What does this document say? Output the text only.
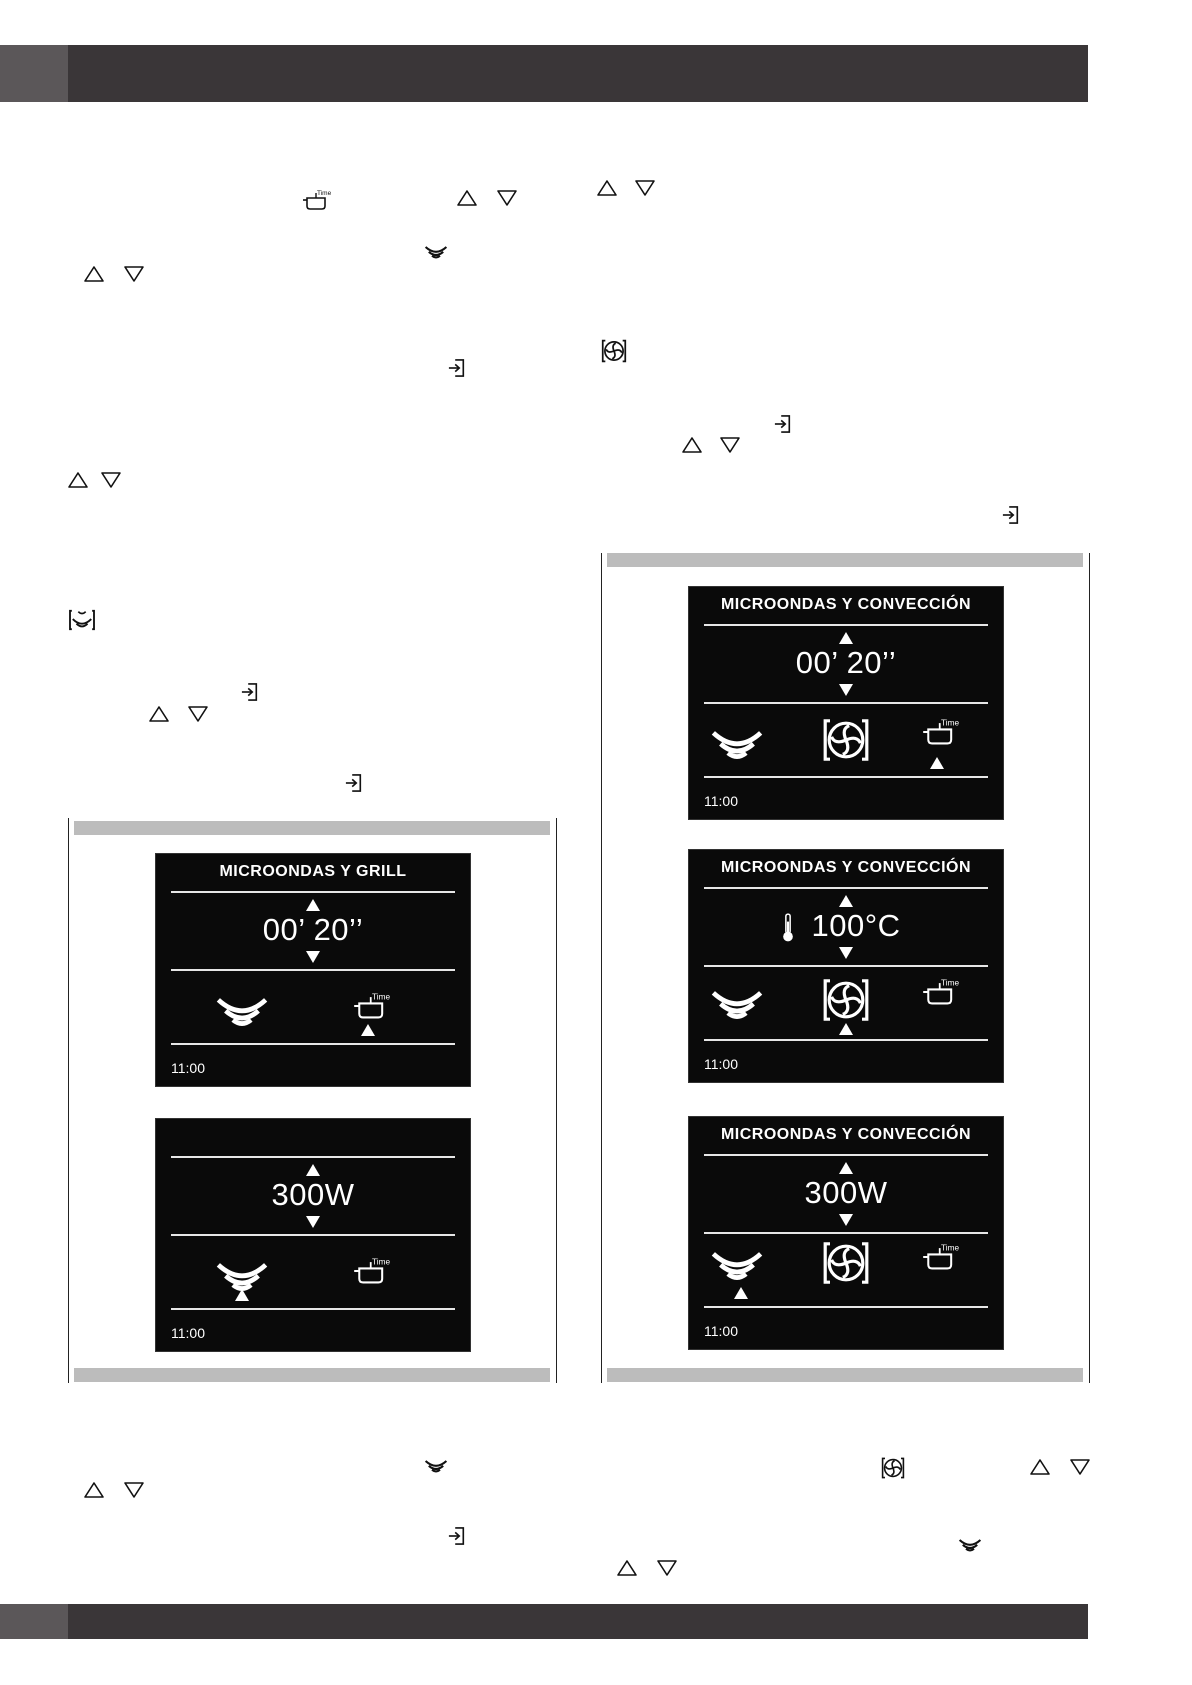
MICROONDAS Y GRILL
00’ 20’’
11:00
300W
11:00
MICROONDAS Y CONVECCIÓN
00’ 20’’
11:00
MICROONDAS Y CONVECCIÓN
100°C
11:00
MICROONDAS Y CONVECCIÓN
300W
11:00
